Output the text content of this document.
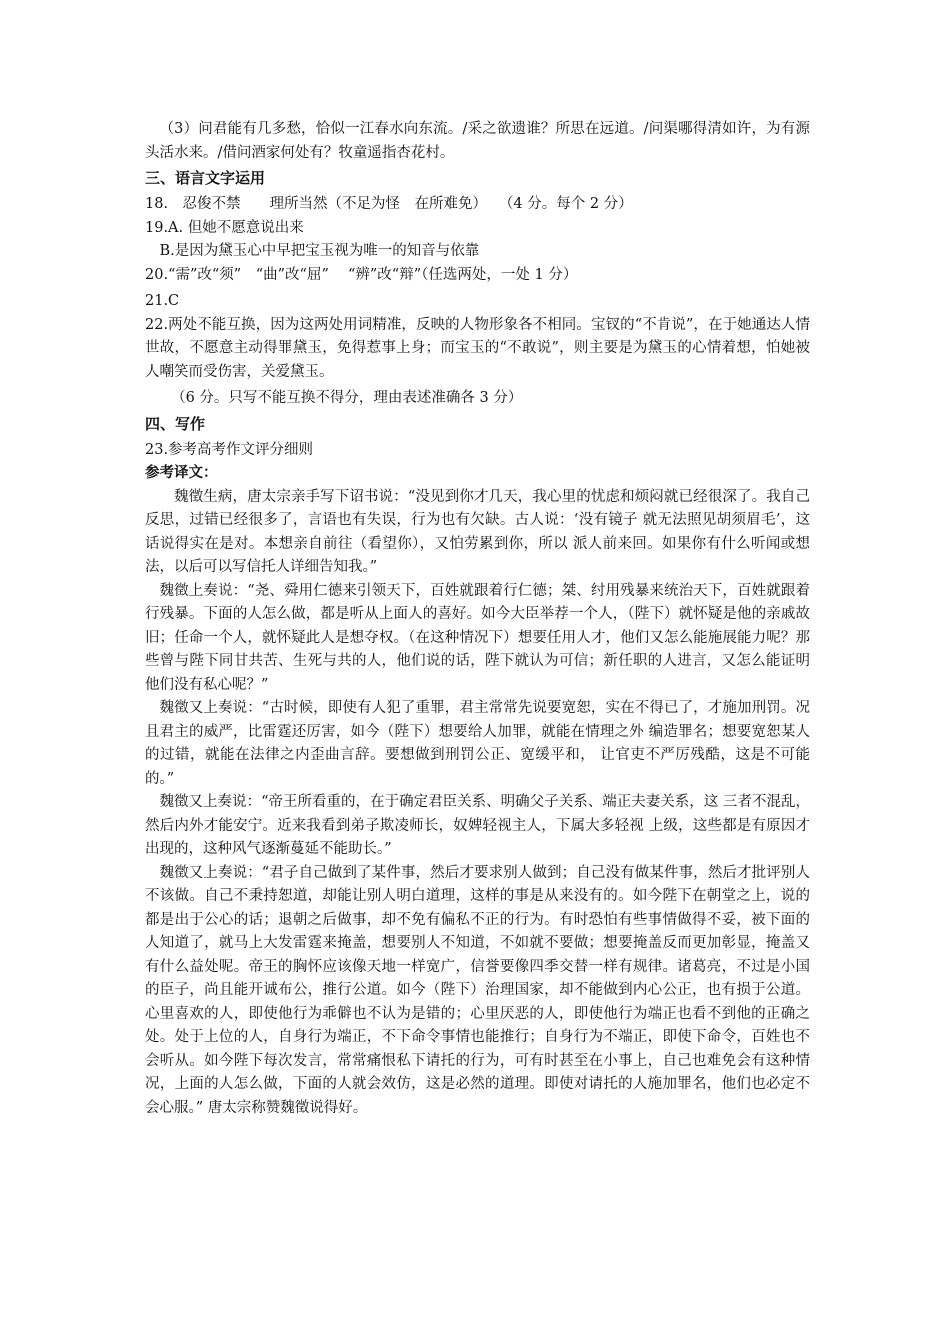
（3）问君能有几多愁，恰似一江春水向东流。/采之欲遗谁？所思在远道。/问渠哪得清如许，为有源头活水来。/借问酒家何处有？牧童遥指杏花村。

三、语言文字运用

18.　忍俊不禁　　理所当然（不足为怪　在所难免）　 （4 分。每个 2 分）

19.A. 但她不愿意说出来

B.是因为黛玉心中早把宝玉视为唯一的知音与依靠

20.“需”改“须”　“曲”改“屈”　 “辨”改“辩”（任选两处，一处 1 分）

21.C

22.两处不能互换，因为这两处用词精准，反映的人物形象各不相同。宝钗的“不肯说”，在于她通达人情世故，不愿意主动得罪黛玉，免得惹事上身；而宝玉的“不敢说”，则主要是为黛玉的心情着想，怕她被人嘲笑而受伤害，关爱黛玉。

（6 分。只写不能互换不得分，理由表述准确各 3 分）

四、写作

23.参考高考作文评分细则

参考译文：

魏徵生病，唐太宗亲手写下诏书说：“没见到你才几天，我心里的忧虑和烦闷就已经很深了。我自己反思，过错已经很多了，言语也有失误，行为也有欠缺。古人说：‘没有镜子 就无法照见胡须眉毛’，这话说得实在是对。本想亲自前往（看望你），又怕劳累到你，所以 派人前来回。如果你有什么听闻或想法，以后可以写信托人详细告知我。”

魏徵上奏说：“尧、舜用仁德来引领天下，百姓就跟着行仁德；桀、纣用残暴来统治天下，百姓就跟着行残暴。下面的人怎么做，都是听从上面人的喜好。如今大臣举荐一个人，（陛下）就怀疑是他的亲戚故旧；任命一个人，就怀疑此人是想夺权。（在这种情况下）想要任用人才，他们又怎么能施展能力呢？那些曾与陛下同甘共苦、生死与共的人，他们说的话，陛下就认为可信；新任职的人进言，又怎么能证明他们没有私心呢？”

魏徵又上奏说：“古时候，即使有人犯了重罪，君主常常先说要宽恕，实在不得已了，才施加刑罚。况且君主的威严，比雷霆还厉害，如今（陛下）想要给人加罪，就能在情理之外 编造罪名；想要宽恕某人的过错，就能在法律之内歪曲言辞。要想做到刑罚公正、宽缓平和， 让官吏不严厉残酷，这是不可能的。”

魏徵又上奏说：“帝王所看重的，在于确定君臣关系、明确父子关系、端正夫妻关系，这 三者不混乱，然后内外才能安宁。近来我看到弟子欺凌师长，奴婢轻视主人，下属大多轻视 上级，这些都是有原因才出现的，这种风气逐渐蔓延不能助长。”

魏徵又上奏说：“君子自己做到了某件事，然后才要求别人做到；自己没有做某件事，然后才批评别人不该做。自己不秉持恕道，却能让别人明白道理，这样的事是从来没有的。如今陛下在朝堂之上，说的都是出于公心的话；退朝之后做事，却不免有偏私不正的行为。有时恐怕有些事情做得不妥，被下面的人知道了，就马上大发雷霆来掩盖，想要别人不知道，不如就不要做；想要掩盖反而更加彰显，掩盖又有什么益处呢。帝王的胸怀应该像天地一样宽广，信誉要像四季交替一样有规律。诸葛亮，不过是小国的臣子，尚且能开诚布公，推行公道。如今（陛下）治理国家，却不能做到内心公正，也有损于公道。心里喜欢的人，即使他行为乖僻也不认为是错的；心里厌恶的人，即使他行为端正也看不到他的正确之处。处于上位的人，自身行为端正，不下命令事情也能推行；自身行为不端正，即使下命令，百姓也不会听从。如今陛下每次发言，常常痛恨私下请托的行为，可有时甚至在小事上，自己也难免会有这种情况，上面的人怎么做，下面的人就会效仿，这是必然的道理。即使对请托的人施加罪名，他们也必定不会心服。” 唐太宗称赞魏徵说得好。
